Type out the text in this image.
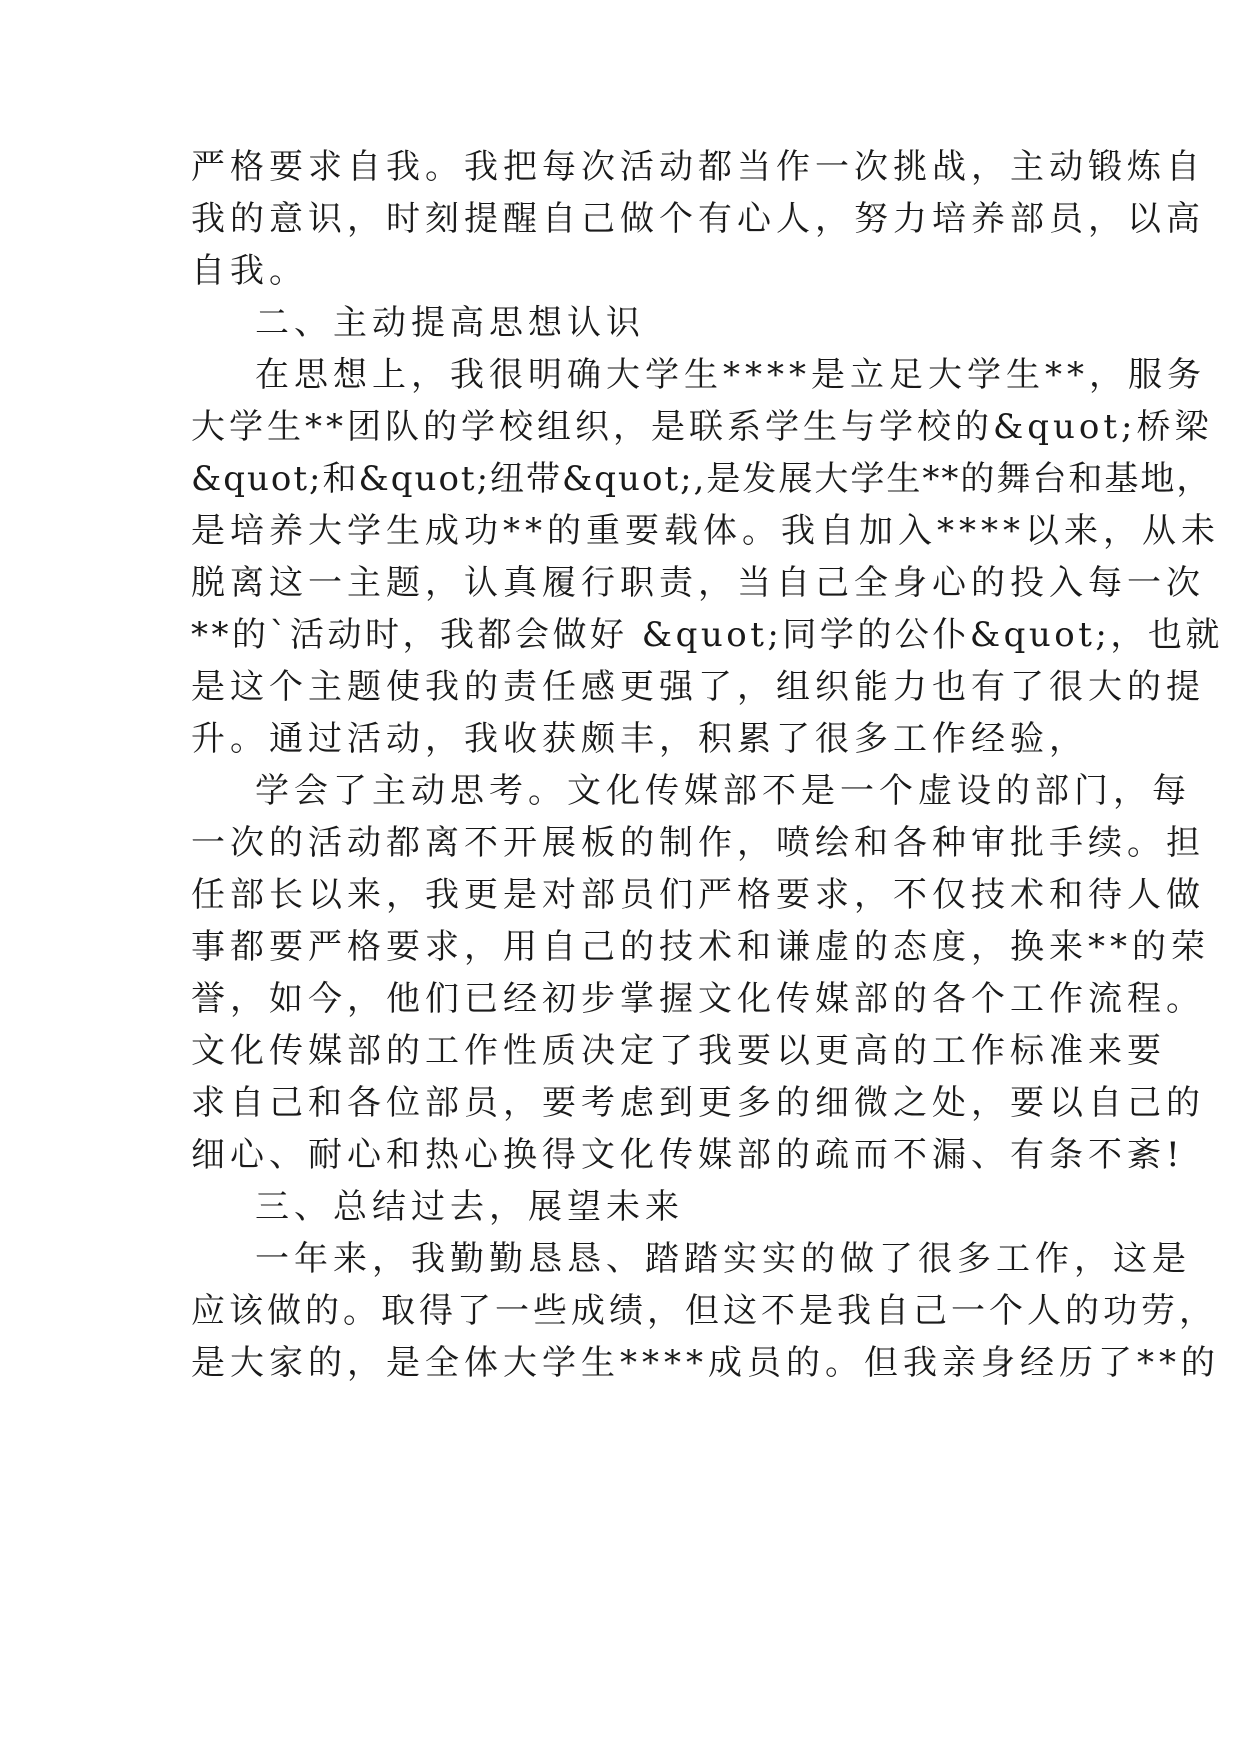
严格要求自我。我把每次活动都当作一次挑战，主动锻炼自
我的意识，时刻提醒自己做个有心人，努力培养部员，以高
自我。
二、主动提高思想认识
在思想上，我很明确大学生****是立足大学生**，服务
大学生**团队的学校组织，是联系学生与学校的&quot;桥梁
&quot;和&quot;纽带&quot;,是发展大学生**的舞台和基地，
是培养大学生成功**的重要载体。我自加入****以来，从未
脱离这一主题，认真履行职责，当自己全身心的投入每一次
**的`活动时，我都会做好 &quot;同学的公仆&quot;，也就
是这个主题使我的责任感更强了，组织能力也有了很大的提
升。通过活动，我收获颇丰，积累了很多工作经验，
学会了主动思考。文化传媒部不是一个虚设的部门，每
一次的活动都离不开展板的制作，喷绘和各种审批手续。担
任部长以来，我更是对部员们严格要求，不仅技术和待人做
事都要严格要求，用自己的技术和谦虚的态度，换来**的荣
誉，如今，他们已经初步掌握文化传媒部的各个工作流程。
文化传媒部的工作性质决定了我要以更高的工作标准来要
求自己和各位部员，要考虑到更多的细微之处，要以自己的
细心、耐心和热心换得文化传媒部的疏而不漏、有条不紊!
三、总结过去，展望未来
一年来，我勤勤恳恳、踏踏实实的做了很多工作，这是
应该做的。取得了一些成绩，但这不是我自己一个人的功劳，
是大家的，是全体大学生****成员的。但我亲身经历了**的
